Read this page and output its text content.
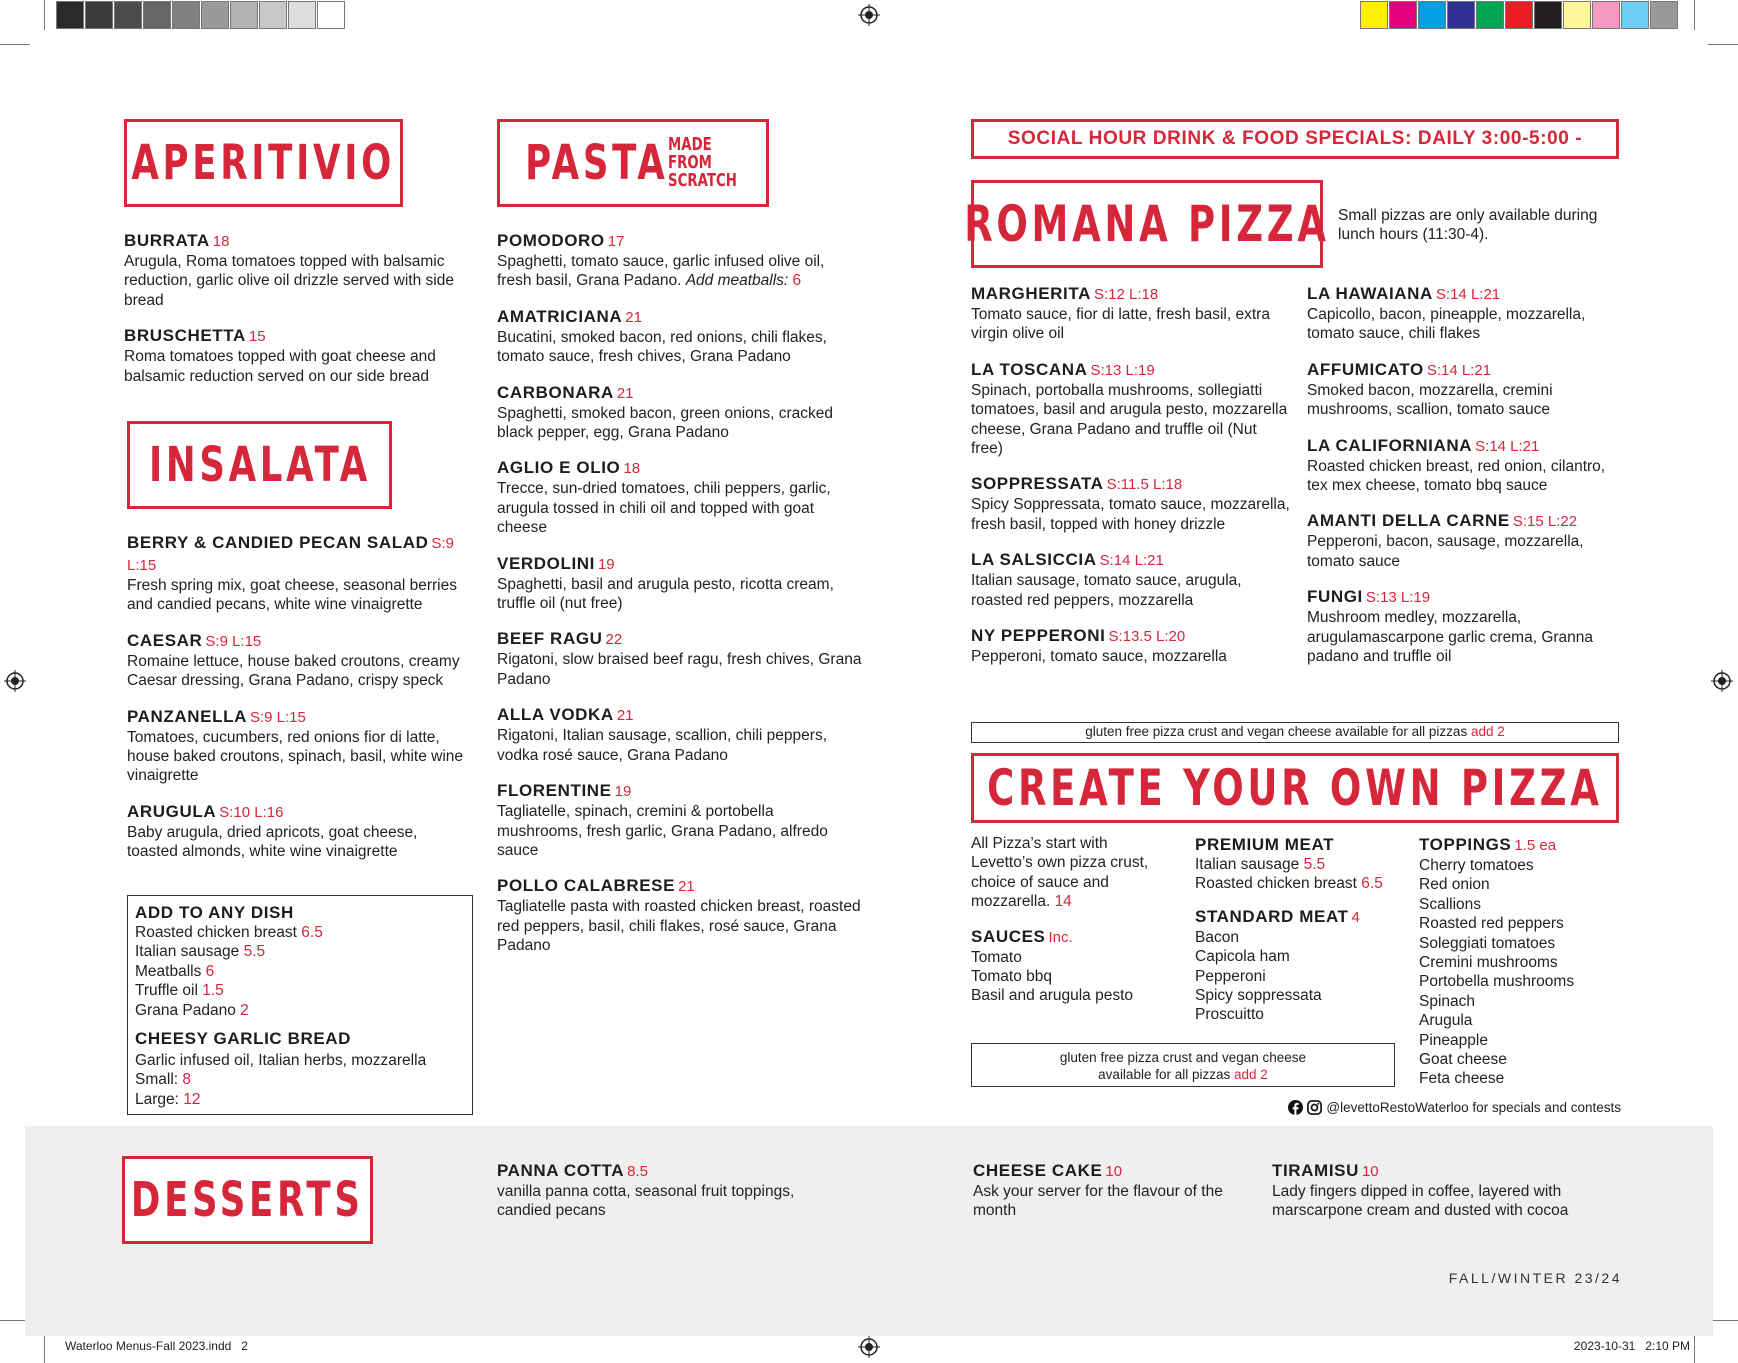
APERITIVIO
BURRATA 18
Arugula, Roma tomatoes topped with balsamic reduction, garlic olive oil drizzle served with side bread
BRUSCHETTA 15
Roma tomatoes topped with goat cheese and balsamic reduction served on our side bread
INSALATA
BERRY & CANDIED PECAN SALAD S:9 L:15
Fresh spring mix, goat cheese, seasonal berries and candied pecans, white wine vinaigrette
CAESAR S:9 L:15
Romaine lettuce, house baked croutons, creamy Caesar dressing, Grana Padano, crispy speck
PANZANELLA S:9 L:15
Tomatoes, cucumbers, red onions fior di latte, house baked croutons, spinach, basil, white wine vinaigrette
ARUGULA S:10 L:16
Baby arugula, dried apricots, goat cheese, toasted almonds, white wine vinaigrette
ADD TO ANY DISH
Roasted chicken breast 6.5
Italian sausage 5.5
Meatballs 6
Truffle oil 1.5
Grana Padano 2
CHEESY GARLIC BREAD
Garlic infused oil, Italian herbs, mozzarella
Small: 8
Large: 12
PASTA MADE FROM
SCRATCH
POMODORO 17
Spaghetti, tomato sauce, garlic infused olive oil, fresh basil, Grana Padano. Add meatballs: 6
AMATRICIANA 21
Bucatini, smoked bacon, red onions, chili flakes, tomato sauce, fresh chives, Grana Padano
CARBONARA 21
Spaghetti, smoked bacon, green onions, cracked black pepper, egg, Grana Padano
AGLIO E OLIO 18
Trecce, sun-dried tomatoes, chili peppers, garlic, arugula tossed in chili oil and topped with goat cheese
VERDOLINI 19
Spaghetti, basil and arugula pesto, ricotta cream, truffle oil (nut free)
BEEF RAGU 22
Rigatoni, slow braised beef ragu, fresh chives, Grana Padano
ALLA VODKA 21
Rigatoni, Italian sausage, scallion, chili peppers, vodka rosé sauce, Grana Padano
FLORENTINE 19
Tagliatelle, spinach, cremini & portobella mushrooms, fresh garlic, Grana Padano, alfredo sauce
POLLO CALABRESE 21
Tagliatelle pasta with roasted chicken breast, roasted red peppers, basil, chili flakes, rosé sauce, Grana Padano
SOCIAL HOUR DRINK & FOOD SPECIALS: DAILY 3:00-5:00 -
ROMANA PIZZA Small pizzas are only available during lunch hours (11:30-4).
MARGHERITA S:12 L:18
Tomato sauce, fior di latte, fresh basil, extra virgin olive oil
LA TOSCANA S:13 L:19
Spinach, portoballa mushrooms, sollegiatti tomatoes, basil and arugula pesto, mozzarella cheese, Grana Padano and truffle oil (Nut free)
SOPPRESSATA S:11.5 L:18
Spicy Soppressata, tomato sauce, mozzarella, fresh basil, topped with honey drizzle
LA SALSICCIA S:14 L:21
Italian sausage, tomato sauce, arugula, roasted red peppers, mozzarella
NY PEPPERONI S:13.5 L:20
Pepperoni, tomato sauce, mozzarella
LA HAWAIANA S:14 L:21
Capicollo, bacon, pineapple, mozzarella, tomato sauce, chili flakes
AFFUMICATO S:14 L:21
Smoked bacon, mozzarella, cremini mushrooms, scallion, tomato sauce
LA CALIFORNIANA S:14 L:21
Roasted chicken breast, red onion, cilantro, tex mex cheese, tomato bbq sauce
AMANTI DELLA CARNE S:15 L:22
Pepperoni, bacon, sausage, mozzarella, tomato sauce
FUNGI S:13 L:19
Mushroom medley, mozzarella, arugulamascarpone garlic crema, Granna padano and truffle oil
gluten free pizza crust and vegan cheese available for all pizzas add 2
CREATE YOUR OWN PIZZA
All Pizza’s start with Levetto’s own pizza crust, choice of sauce and mozzarella. 14
SAUCES Inc.
Tomato
Tomato bbq
Basil and arugula pesto
PREMIUM MEAT
Italian sausage 5.5
Roasted chicken breast 6.5
STANDARD MEAT 4
Bacon
Capicola ham
Pepperoni
Spicy soppressata
Proscuitto
TOPPINGS 1.5 ea
Cherry tomatoes
Red onion
Scallions
Roasted red peppers
Soleggiati tomatoes
Cremini mushrooms
Portobella mushrooms
Spinach
Arugula
Pineapple
Goat cheese
Feta cheese
gluten free pizza crust and vegan cheese
available for all pizzas add 2
@levettoRestoWaterloo for specials and contests
DESSERTS
PANNA COTTA 8.5
vanilla panna cotta, seasonal fruit toppings, candied pecans
CHEESE CAKE 10
Ask your server for the flavour of the month
TIRAMISU 10
Lady fingers dipped in coffee, layered with marscarpone cream and dusted with cocoa
FALL/WINTER 23/24
Waterloo Menus-Fall 2023.indd   2	2023-10-31   2:10 PM
